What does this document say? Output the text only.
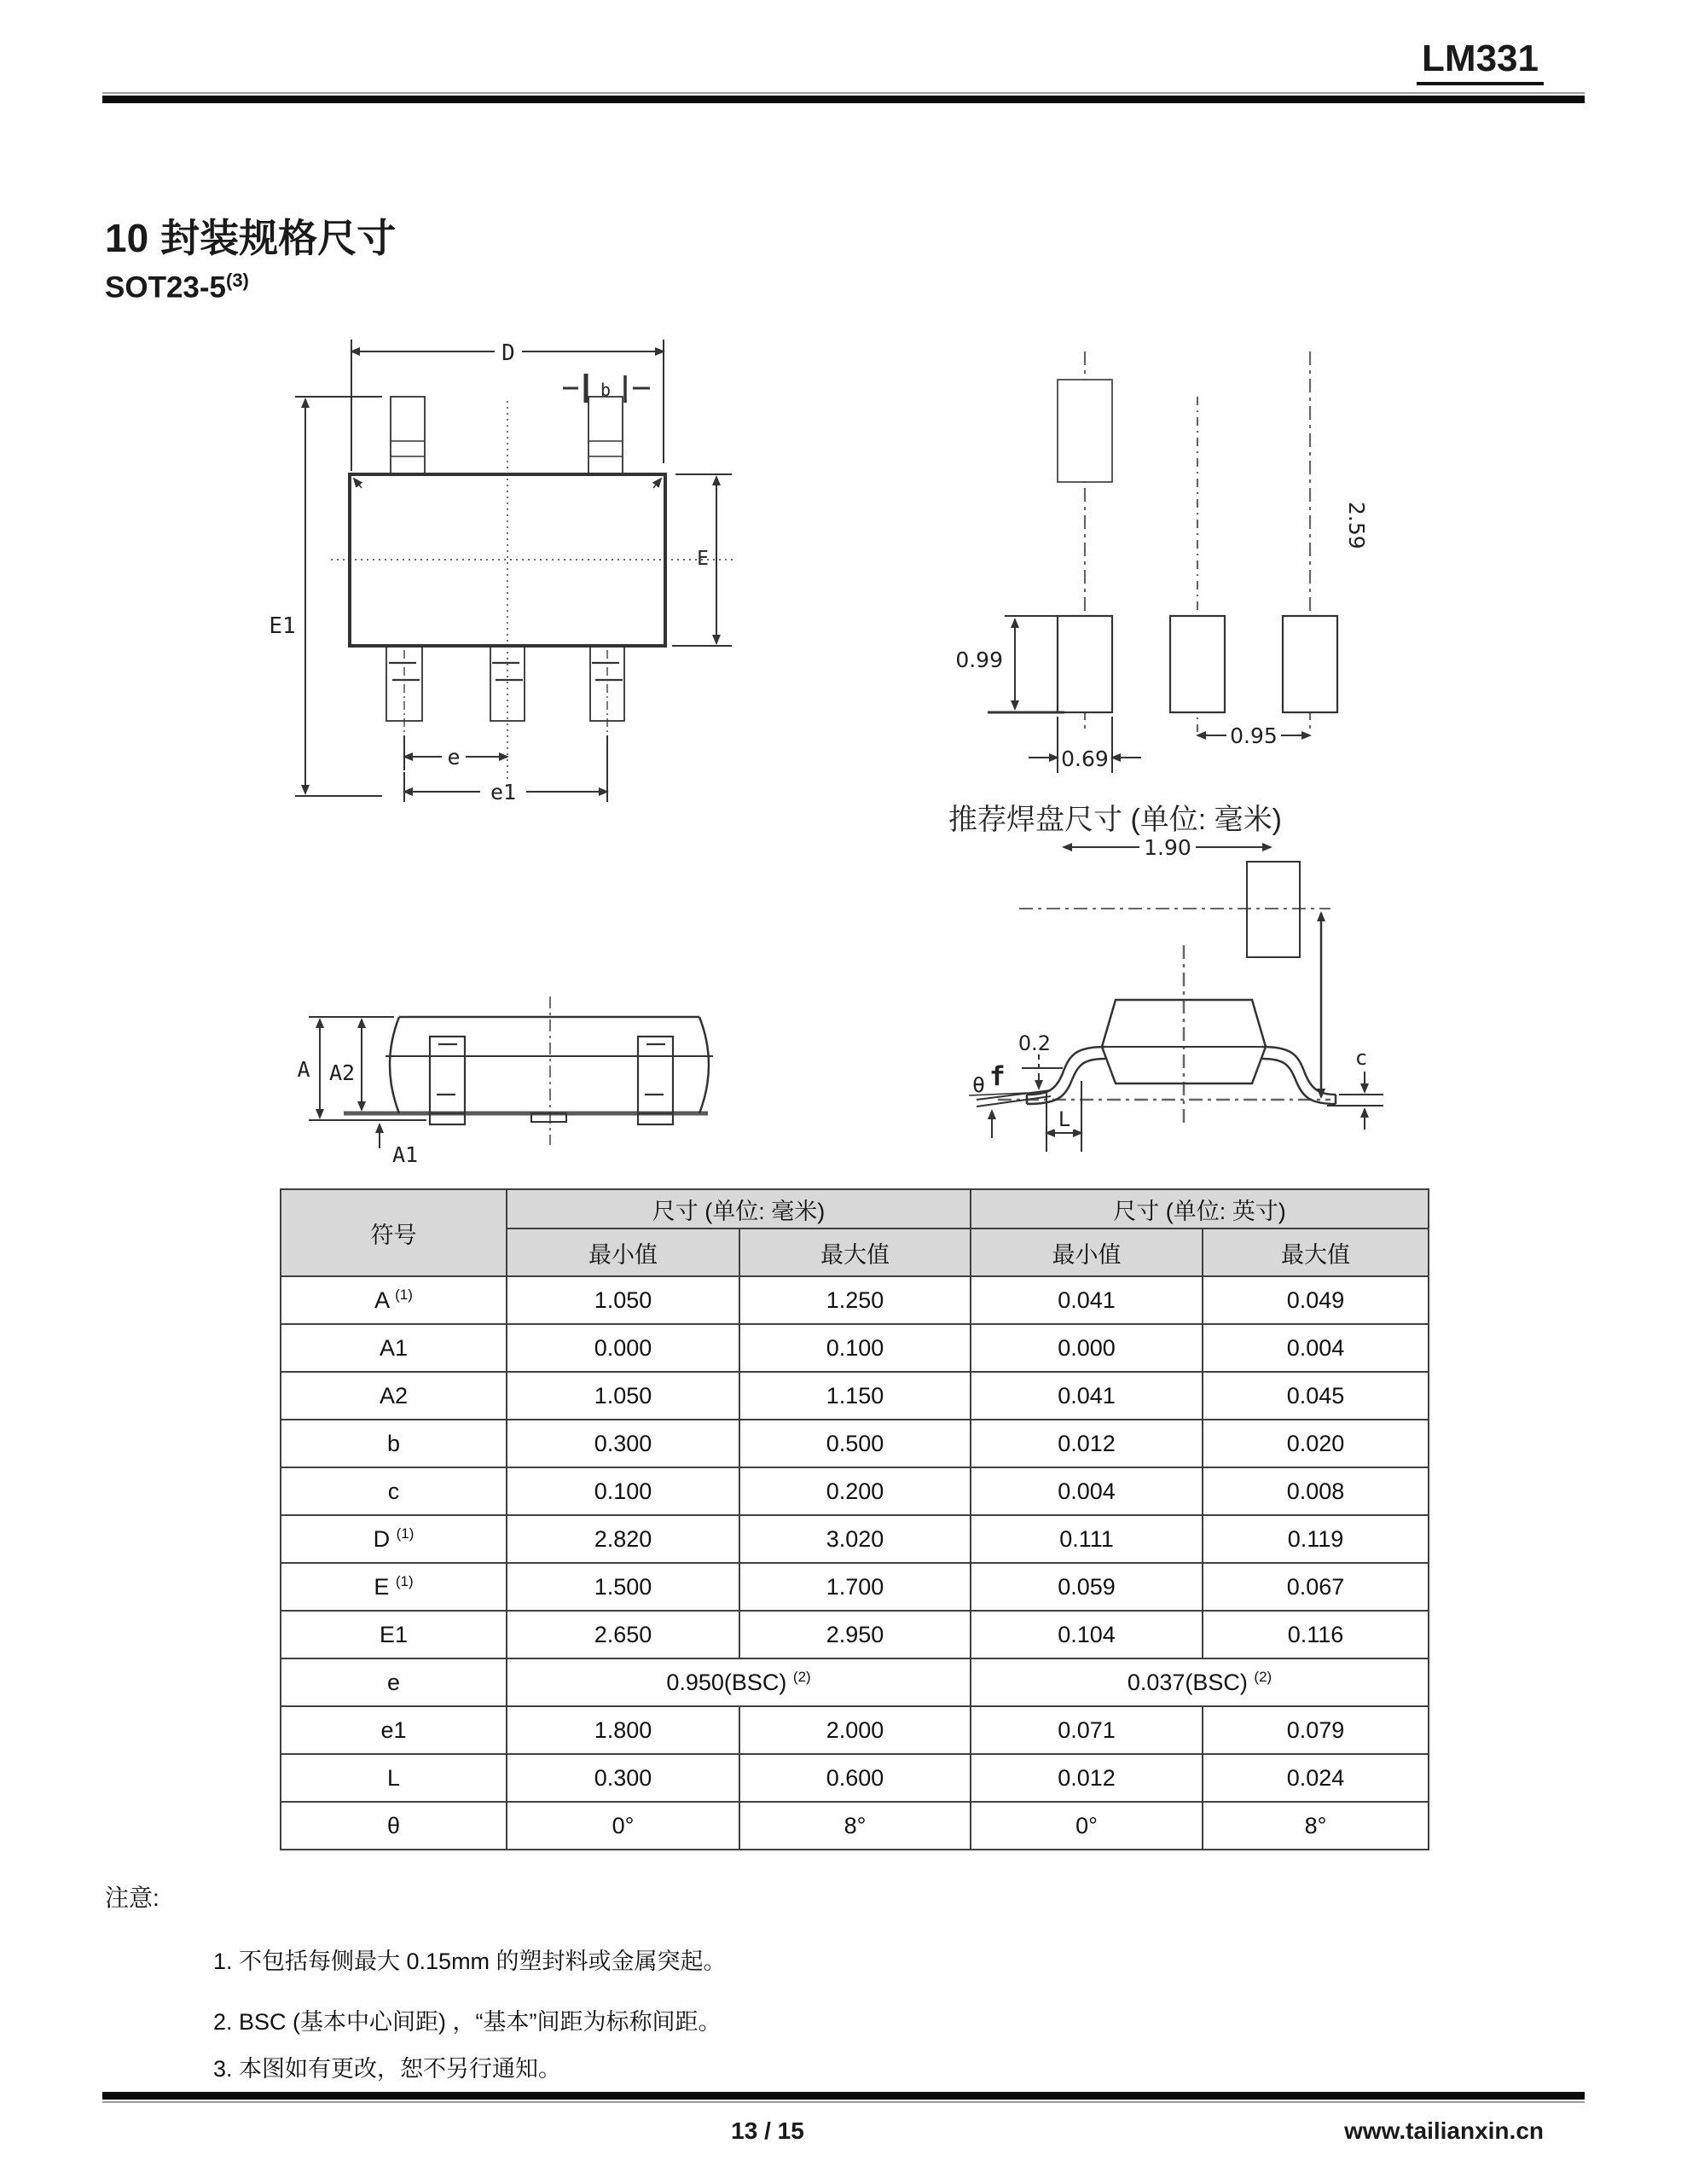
LM331
10 封装规格尺寸
SOT23-5$^{(3)}$
D
b
E1
E
e
e1
2.59
0.99
0.69
0.95
1.90
0.2
θ f
L
c
A A2
A1
推荐焊盘尺寸 (单位: 毫米)
符号	尺寸 (单位: 毫米)		尺寸 (单位: 英寸)	
	最小值	最大值	最小值	最大值
A $^{(1)}$	1.050	1.250	0.041	0.049
A1	0.000	0.100	0.000	0.004
A2	1.050	1.150	0.041	0.045
b	0.300	0.500	0.012	0.020
c	0.100	0.200	0.004	0.008
D $^{(1)}$	2.820	3.020	0.111	0.119
E $^{(1)}$	1.500	1.700	0.059	0.067
E1	2.650	2.950	0.104	0.116
e	0.950(BSC) $^{(2)}$		0.037(BSC) $^{(2)}$
e1	1.800	2.000	0.071	0.079
L	0.300	0.600	0.012	0.024
θ	0°	8°	0°	8°
注意:
1. 不包括每侧最大 0.15mm 的塑封料或金属突起。
2. BSC (基本中心间距) ，“基本”间距为标称间距。
3. 本图如有更改，恕不另行通知。
13 / 15	www.tailianxin.cn
